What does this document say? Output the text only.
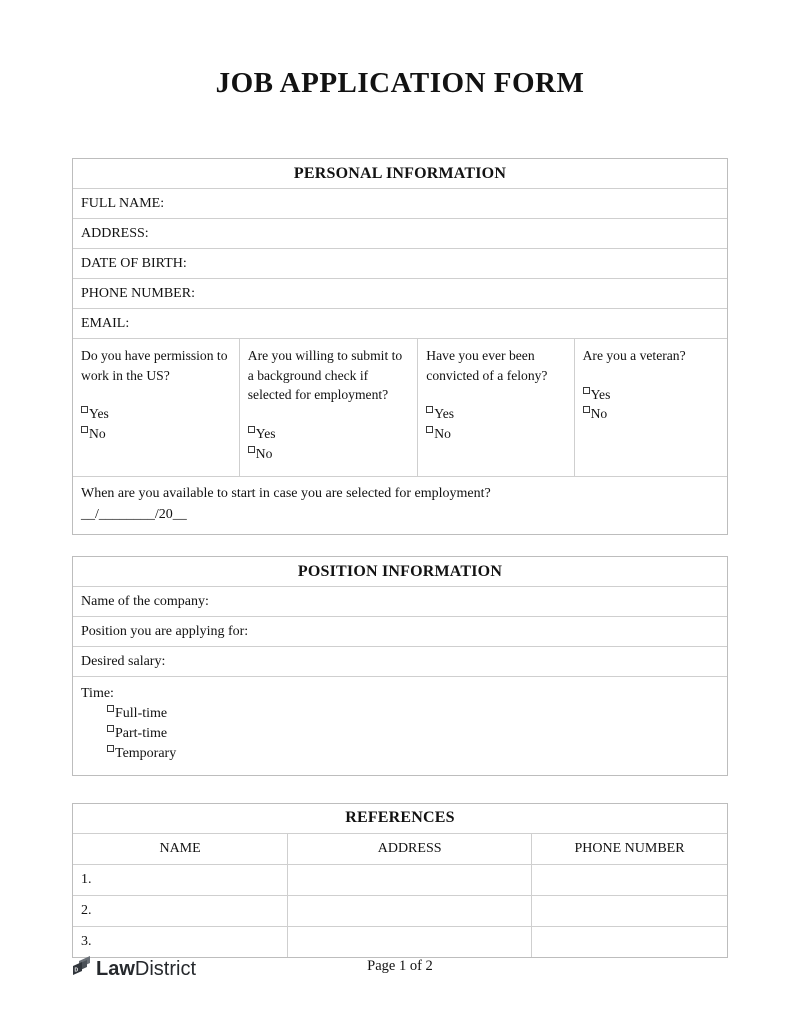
JOB APPLICATION FORM
PERSONAL INFORMATION
FULL NAME:
ADDRESS:
DATE OF BIRTH:
PHONE NUMBER:
EMAIL:
Do you have permission to work in the US?
Yes
No
Are you willing to submit to a background check if selected for employment?
Yes
No
Have you ever been convicted of a felony?
Yes
No
Are you a veteran?
Yes
No
When are you available to start in case you are selected for employment?
__/________/20__
POSITION INFORMATION
Name of the company:
Position you are applying for:
Desired salary:
Time:
Full-time
Part-time
Temporary
REFERENCES
NAME	ADDRESS	PHONE NUMBER
1.
2.
3.
D Law District	Page 1 of 2
